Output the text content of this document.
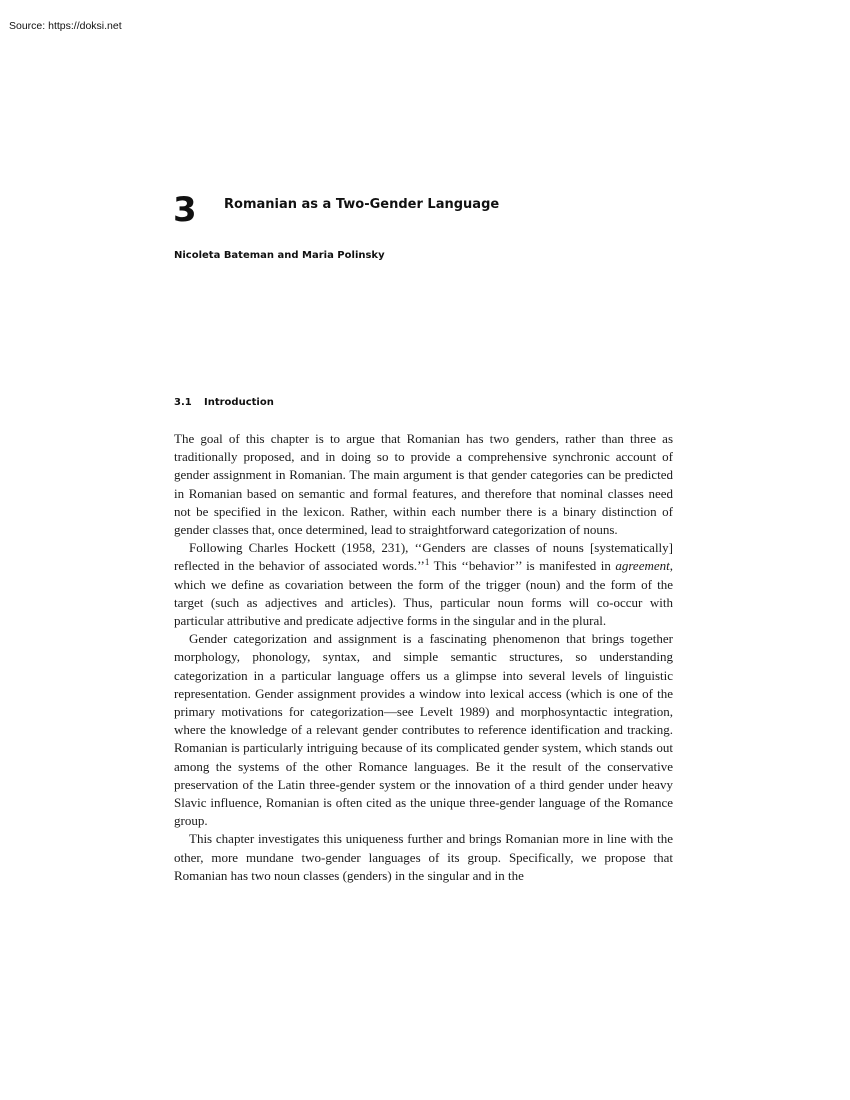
Source: https://doksi.net
3 Romanian as a Two-Gender Language
Nicoleta Bateman and Maria Polinsky
3.1 Introduction

The goal of this chapter is to argue that Romanian has two genders, rather than three as traditionally proposed, and in doing so to provide a comprehensive synchronic account of gender assignment in Romanian. The main argument is that gender categories can be predicted in Romanian based on semantic and formal features, and therefore that nominal classes need not be specified in the lexicon. Rather, within each number there is a binary distinction of gender classes that, once determined, lead to straightforward categorization of nouns.

Following Charles Hockett (1958, 231), ‘‘Genders are classes of nouns [systematically] reflected in the behavior of associated words.’’$^1$ This ‘‘behavior’’ is manifested in agreement, which we define as covariation between the form of the trigger (noun) and the form of the target (such as adjectives and articles). Thus, particular noun forms will co-occur with particular attributive and predicate adjective forms in the singular and in the plural.

Gender categorization and assignment is a fascinating phenomenon that brings together morphology, phonology, syntax, and simple semantic structures, so understanding categorization in a particular language offers us a glimpse into several levels of linguistic representation. Gender assignment provides a window into lexical access (which is one of the primary motivations for categorization—see Levelt 1989) and morphosyntactic integration, where the knowledge of a relevant gender contributes to reference identification and tracking. Romanian is particularly intriguing because of its complicated gender system, which stands out among the systems of the other Romance languages. Be it the result of the conservative preservation of the Latin three-gender system or the innovation of a third gender under heavy Slavic influence, Romanian is often cited as the unique three-gender language of the Romance group.

This chapter investigates this uniqueness further and brings Romanian more in line with the other, more mundane two-gender languages of its group. Specifically, we propose that Romanian has two noun classes (genders) in the singular and in the
